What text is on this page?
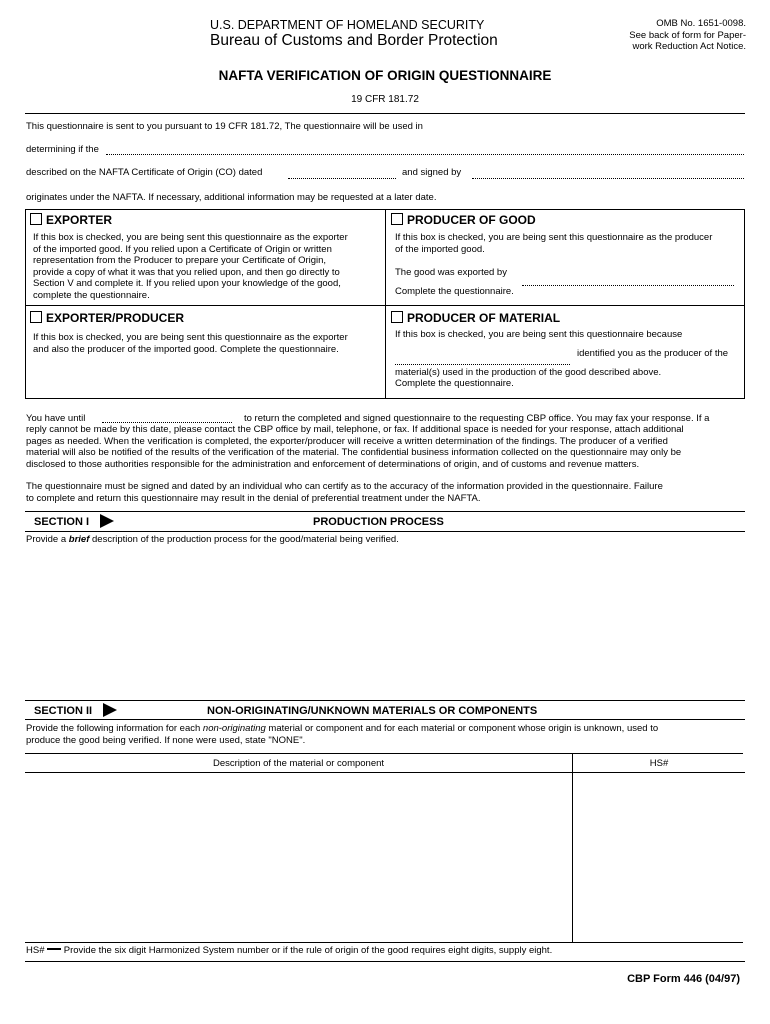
U.S. DEPARTMENT OF HOMELAND SECURITY
Bureau of Customs and Border Protection
OMB No. 1651-0098.
See back of form for Paper-
work Reduction Act Notice.
NAFTA VERIFICATION OF ORIGIN QUESTIONNAIRE
19 CFR 181.72
This questionnaire is sent to you pursuant to 19 CFR 181.72, The questionnaire will be used in
determining if the
described on the NAFTA Certificate of Origin (CO) dated	and signed by
originates under the NAFTA. If necessary, additional information may be requested at a later date.
EXPORTER
If this box is checked, you are being sent this questionnaire as the exporter
of the imported good. If you relied upon a Certificate of Origin or written
representation from the Producer to prepare your Certificate of Origin,
provide a copy of what it was that you relied upon, and then go directly to
Section V and complete it. If you relied upon your knowledge of the good,
complete the questionnaire.
PRODUCER OF GOOD
If this box is checked, you are being sent this questionnaire as the producer
of the imported good.
The good was exported by
Complete the questionnaire.
EXPORTER/PRODUCER
If this box is checked, you are being sent this questionnaire as the exporter
and also the producer of the imported good. Complete the questionnaire.
PRODUCER OF MATERIAL
If this box is checked, you are being sent this questionnaire because
identified you as the producer of the
material(s) used in the production of the good described above.
Complete the questionnaire.
You have until	to return the completed and signed questionnaire to the requesting CBP office. You may fax your response. If a
reply cannot be made by this date, please contact the CBP office by mail, telephone, or fax. If additional space is needed for your response, attach additional
pages as needed. When the verification is completed, the exporter/producer will receive a written determination of the findings. The producer of a verified
material will also be notified of the results of the verification of the material. The confidential business information collected on the questionnaire may only be
disclosed to those authorities responsible for the administration and enforcement of determinations of origin, and of customs and revenue matters.
The questionnaire must be signed and dated by an individual who can certify as to the accuracy of the information provided in the questionnaire. Failure
to complete and return this questionnaire may result in the denial of preferential treatment under the NAFTA.
SECTION I	PRODUCTION PROCESS
Provide a brief description of the production process for the good/material being verified.
SECTION II	NON-ORIGINATING/UNKNOWN MATERIALS OR COMPONENTS
Provide the following information for each non-originating material or component and for each material or component whose origin is unknown, used to
produce the good being verified. If none were used, state "NONE".
Description of the material or component	HS#
HS# Provide the six digit Harmonized System number or if the rule of origin of the good requires eight digits, supply eight.
CBP Form 446 (04/97)
